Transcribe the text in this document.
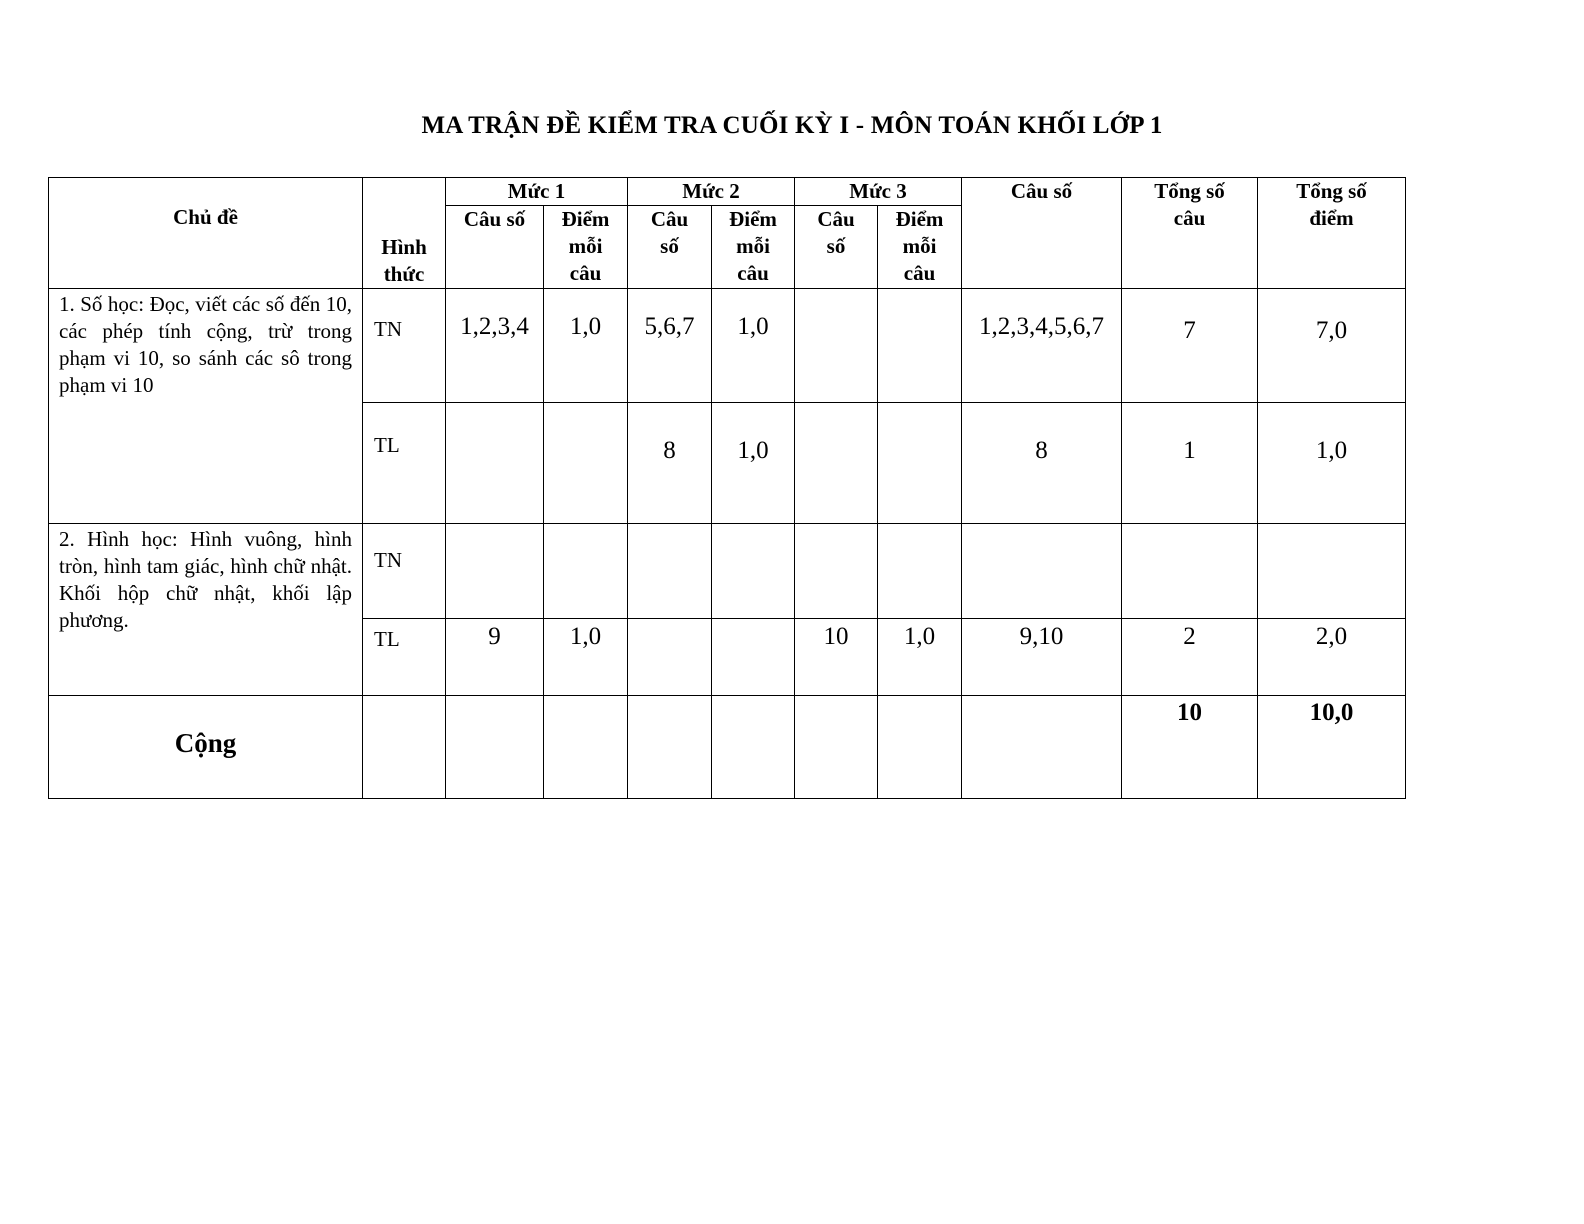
MA TRẬN ĐỀ KIỂM TRA CUỐI KỲ I - MÔN TOÁN KHỐI LỚP 1
Chủ đề	Hình thức	Mức 1		Mức 2		Mức 3		Câu số	Tổng số câu	Tổng số điểm
		Câu số	Điểm mỗi câu	Câu số	Điểm mỗi câu	Câu số	Điểm mỗi câu			
1. Số học: Đọc, viết các số đến 10, các phép tính cộng, trừ trong phạm vi 10, so sánh các sô trong phạm vi 10	TN	1,2,3,4	1,0	5,6,7	1,0			1,2,3,4,5,6,7	7	7,0
	TL			8	1,0			8	1	1,0
2. Hình học: Hình vuông, hình tròn, hình tam giác, hình chữ nhật. Khối hộp chữ nhật, khối lập phương.	TN									
	TL	9	1,0			10	1,0	9,10	2	2,0
Cộng									10	10,0
